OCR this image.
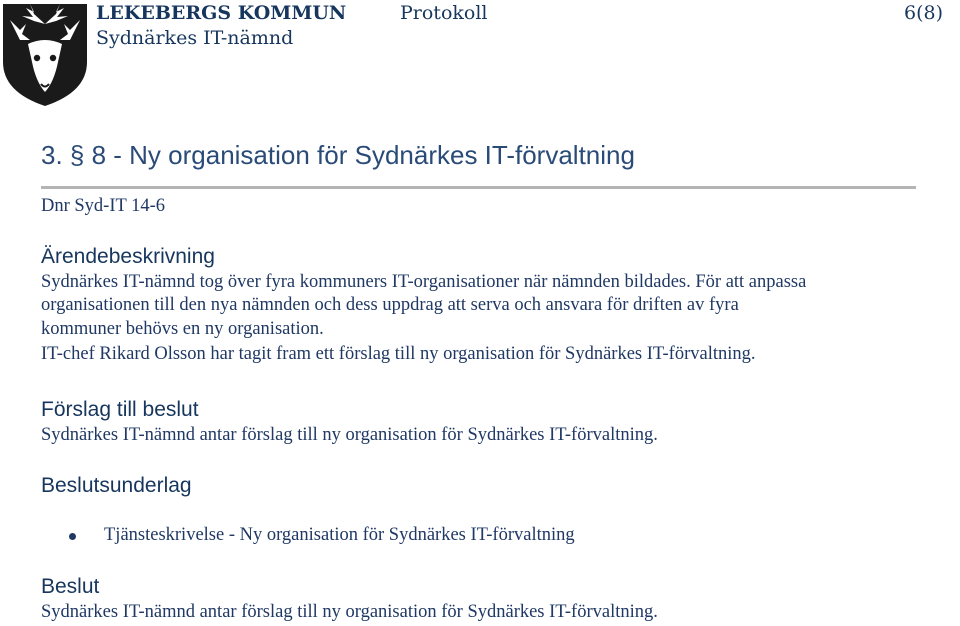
LEKEBERGS KOMMUN	Protokoll	6(8)
Sydnärkes IT-nämnd
3. § 8 - Ny organisation för Sydnärkes IT-förvaltning
Dnr Syd-IT 14-6
Ärendebeskrivning
Sydnärkes IT-nämnd tog över fyra kommuners IT-organisationer när nämnden bildades. För att anpassa
organisationen till den nya nämnden och dess uppdrag att serva och ansvara för driften av fyra
kommuner behövs en ny organisation.
IT-chef Rikard Olsson har tagit fram ett förslag till ny organisation för Sydnärkes IT-förvaltning.
Förslag till beslut
Sydnärkes IT-nämnd antar förslag till ny organisation för Sydnärkes IT-förvaltning.
Beslutsunderlag
Tjänsteskrivelse - Ny organisation för Sydnärkes IT-förvaltning
Beslut
Sydnärkes IT-nämnd antar förslag till ny organisation för Sydnärkes IT-förvaltning.
